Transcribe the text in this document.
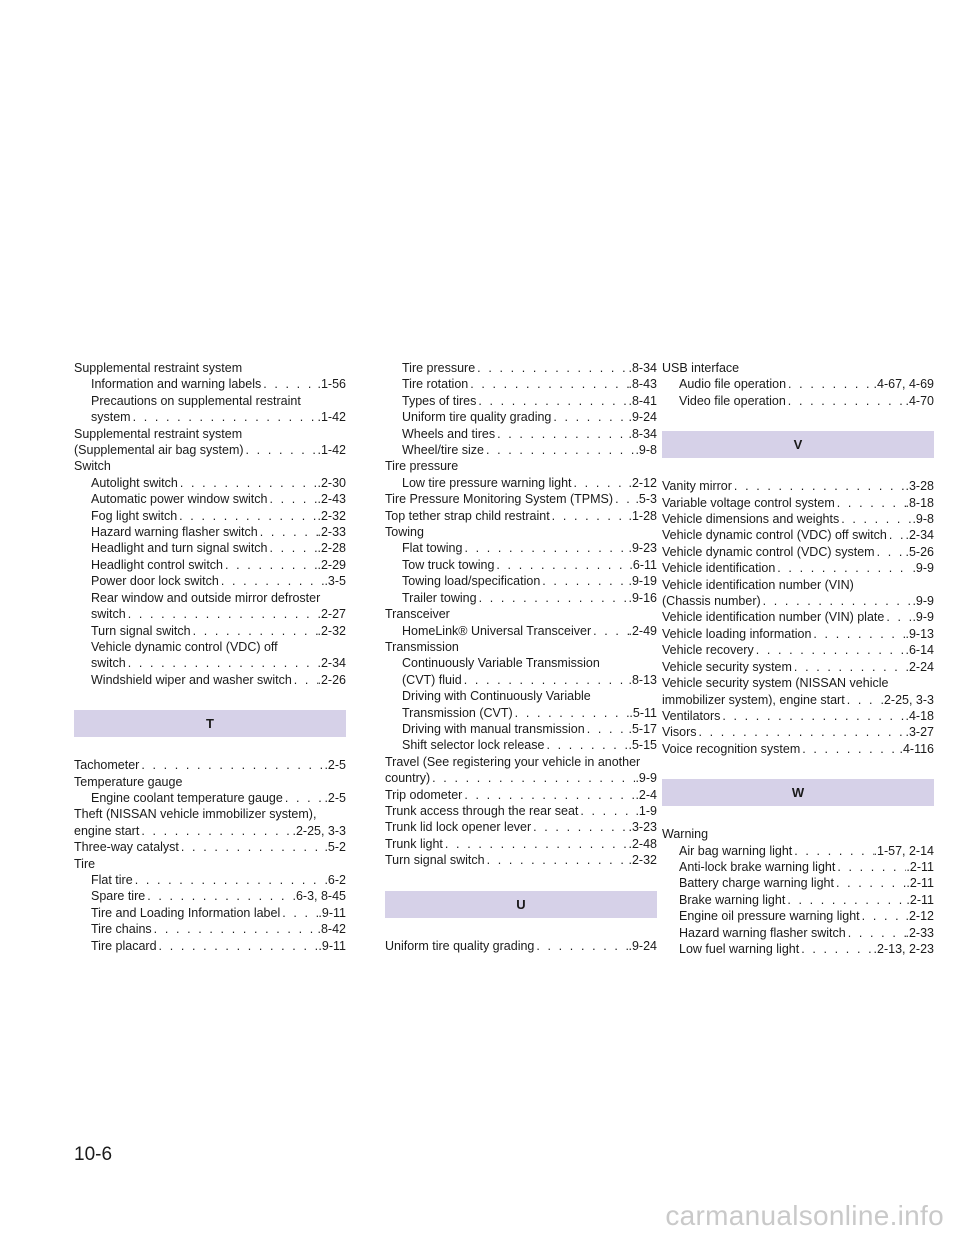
Supplemental restraint system
Information and warning labels . . .	.1-56
Precautions on supplemental restraint
system . . .	.1-42
Supplemental restraint system
(Supplemental air bag system) . . .	.1-42
Switch
Autolight switch . . .	.2-30
Automatic power window switch . . .	.2-43
Fog light switch . . .	.2-32
Hazard warning flasher switch . . .	.2-33
Headlight and turn signal switch . . .	.2-28
Headlight control switch . . .	.2-29
Power door lock switch . . .	.3-5
Rear window and outside mirror defroster
switch . . .	.2-27
Turn signal switch . . .	.2-32
Vehicle dynamic control (VDC) off
switch . . .	.2-34
Windshield wiper and washer switch . . . .2-26
T
Tachometer . . .	.2-5
Temperature gauge
Engine coolant temperature gauge . . .	.2-5
Theft (NISSAN vehicle immobilizer system),
engine start . . .	.2-25, 3-3
Three-way catalyst . . .	.5-2
Tire
Flat tire . . .	.6-2
Spare tire . . .	.6-3, 8-45
Tire and Loading Information label . . .	.9-11
Tire chains . . .	.8-42
Tire placard . . .	.9-11
Tire pressure . . .	.8-34
Tire rotation . . .	.8-43
Types of tires . . .	.8-41
Uniform tire quality grading . . .	.9-24
Wheels and tires . . .	.8-34
Wheel/tire size . . .	.9-8
Tire pressure
Low tire pressure warning light . . .	.2-12
Tire Pressure Monitoring System (TPMS) . . . .5-3
Top tether strap child restraint . . .	.1-28
Towing
Flat towing . . .	.9-23
Tow truck towing . . .	.6-11
Towing load/specification . . .	.9-19
Trailer towing . . .	.9-16
Transceiver
HomeLink® Universal Transceiver . . .	.2-49
Transmission
Continuously Variable Transmission
(CVT) fluid . . .	.8-13
Driving with Continuously Variable
Transmission (CVT) . . .	.5-11
Driving with manual transmission . . .	.5-17
Shift selector lock release . . .	.5-15
Travel (See registering your vehicle in another
country) . . .	.9-9
Trip odometer . . .	.2-4
Trunk access through the rear seat . . .	.1-9
Trunk lid lock opener lever . . .	.3-23
Trunk light . . .	.2-48
Turn signal switch . . .	.2-32
U
Uniform tire quality grading . . .	.9-24
USB interface
Audio file operation . . .	.4-67, 4-69
Video file operation . . .	.4-70
V
Vanity mirror . . .	.3-28
Variable voltage control system . . .	.8-18
Vehicle dimensions and weights . . .	.9-8
Vehicle dynamic control (VDC) off switch . . . .2-34
Vehicle dynamic control (VDC) system . . . .5-26
Vehicle identification . . .	.9-9
Vehicle identification number (VIN)
(Chassis number) . . .	.9-9
Vehicle identification number (VIN) plate . . . .9-9
Vehicle loading information . . .	.9-13
Vehicle recovery . . .	.6-14
Vehicle security system . . .	.2-24
Vehicle security system (NISSAN vehicle
immobilizer system), engine start . . .	.2-25, 3-3
Ventilators . . .	.4-18
Visors . . .	.3-27
Voice recognition system . . .	.4-116
W
Warning
Air bag warning light . . .	.1-57, 2-14
Anti-lock brake warning light . . .	.2-11
Battery charge warning light . . .	.2-11
Brake warning light . . .	.2-11
Engine oil pressure warning light . . .	.2-12
Hazard warning flasher switch . . .	.2-33
Low fuel warning light . . .	.2-13, 2-23
10-6
carmanualsonline.info
